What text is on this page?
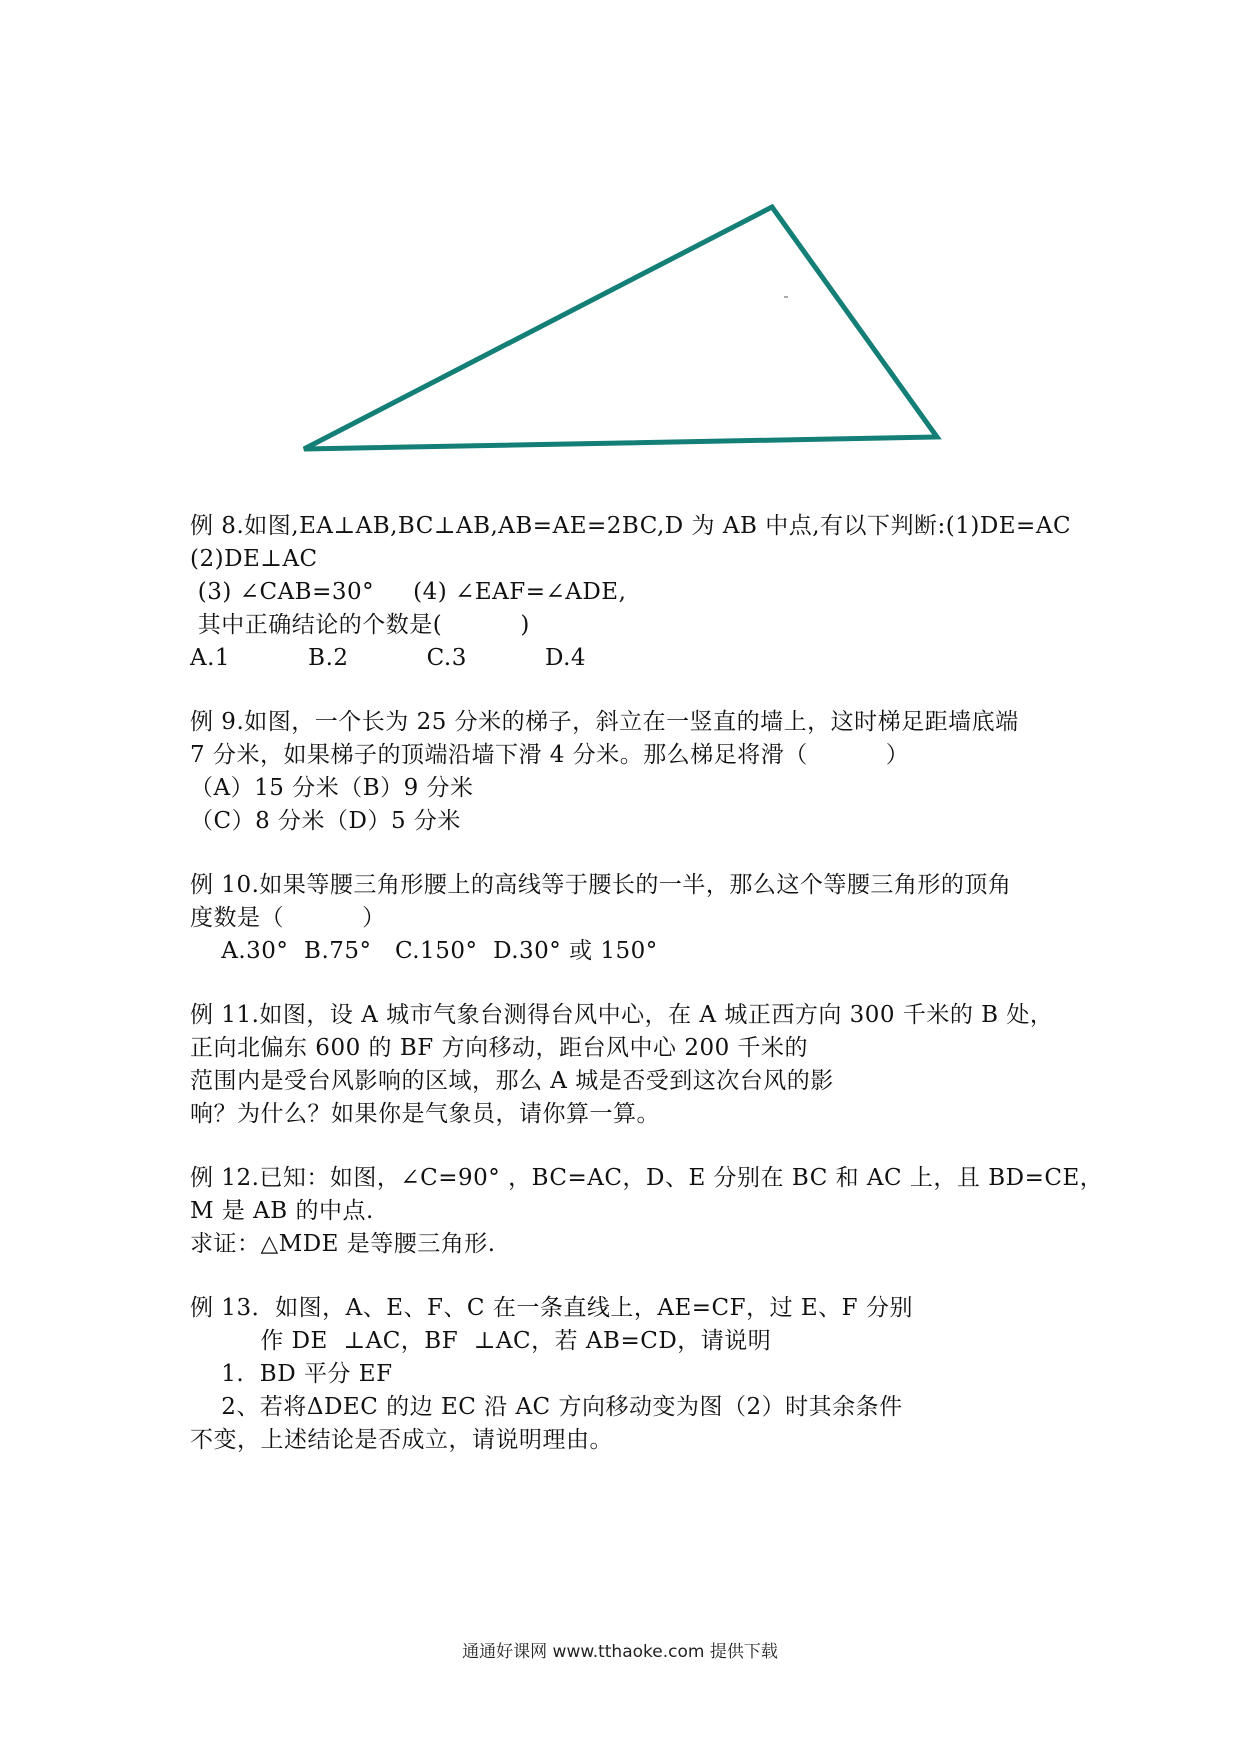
例 8.如图,EA⊥AB,BC⊥AB,AB=AE=2BC,D 为 AB 中点,有以下判断:(1)DE=AC
(2)DE⊥AC
(3) ∠CAB=30°     (4) ∠EAF=∠ADE,
其中正确结论的个数是(          )
A.1          B.2          C.3          D.4
例 9.如图，一个长为 25 分米的梯子，斜立在一竖直的墙上，这时梯足距墙底端
7 分米，如果梯子的顶端沿墙下滑 4 分米。那么梯足将滑（          ）
（A）15 分米（B）9 分米
（C）8 分米（D）5 分米
例 10.如果等腰三角形腰上的高线等于腰长的一半，那么这个等腰三角形的顶角
度数是（          ）
A.30°  B.75°   C.150°  D.30° 或 150°
例 11.如图，设 A 城市气象台测得台风中心，在 A 城正西方向 300 千米的 B 处，
正向北偏东 600 的 BF 方向移动，距台风中心 200 千米的
范围内是受台风影响的区域，那么 A 城是否受到这次台风的影
响？为什么？如果你是气象员，请你算一算。
例 12.已知：如图，∠C=90° ，BC=AC，D、E 分别在 BC 和 AC 上，且 BD=CE，
M 是 AB 的中点.
求证：△MDE 是等腰三角形.
例 13．如图，A、E、F、C 在一条直线上，AE=CF，过 E、F 分别
作 DE  ⊥AC，BF  ⊥AC，若 AB=CD，请说明
1.  BD 平分 EF
2、若将ΔDEC 的边 EC 沿 AC 方向移动变为图（2）时其余条件
不变，上述结论是否成立，请说明理由。
通通好课网 www.tthaoke.com 提供下载
